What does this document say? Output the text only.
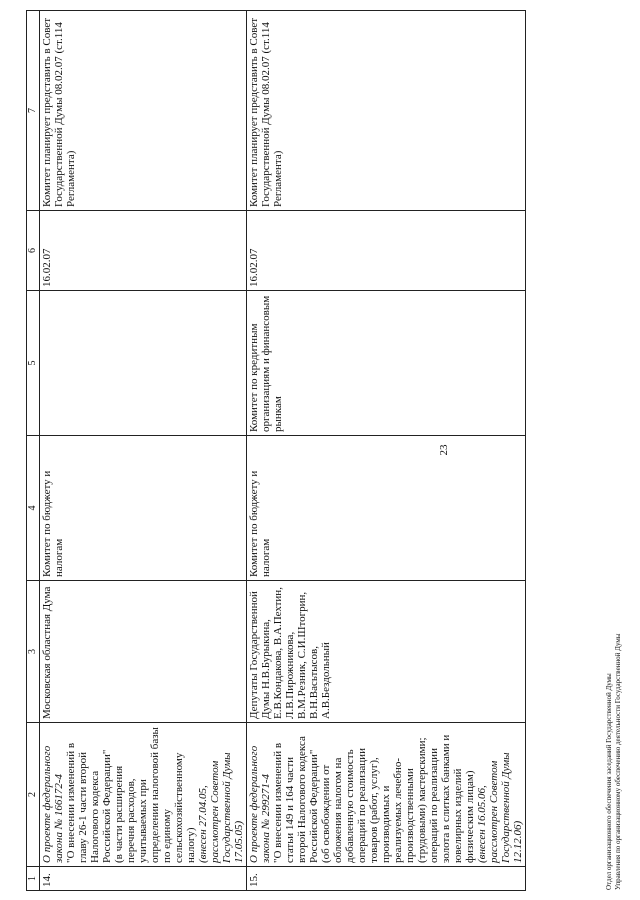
1	2	3	4	5	6	7
14.	О проекте федерального закона № 166172-4 "О внесении изменений в главу 26-1 части второй Налогового кодекса Российской Федерации" (в части расширения перечня расходов, учитываемых при определении налоговой базы по единому сельскохозяйственному налогу) (внесен 27.04.05, рассмотрен Советом Государственной Думы 17.05.05)	Московская областная Дума	Комитет по бюджету и налогам		16.02.07	Комитет планирует представить в Совет Государственной Думы 08.02.07 (ст.114 Регламента)
15.	О проекте федерального закона № 299271-4 "О внесении изменений в статьи 149 и 164 части второй Налогового кодекса Российской Федерации" (об освобождении от обложения налогом на добавленную стоимость операций по реализации товаров (работ, услуг), производимых и реализуемых лечебно-производственными (трудовыми) мастерскими; операций по реализации золота в слитках банками и ювелирных изделий физическим лицам) (внесен 16.05.06, рассмотрен Советом Государственной Думы 12.12.06)	Депутаты Государственной Думы Н.В.Бурыкина, Е.В.Кондакова, В.А.Пехтин, Л.В.Пирожникова, В.М.Резник, С.И.Штогрин, В.Н.Васьтысов, А.В.Бездольный	Комитет по бюджету и налогам	Комитет по кредитным организациям и финансовым рынкам	16.02.07	Комитет планирует представить в Совет Государственной Думы 08.02.07 (ст.114 Регламента)
23
Отдел организационного обеспечения заседаний Государственной Думы Управления по организационному обеспечению деятельности Государственной Думы
